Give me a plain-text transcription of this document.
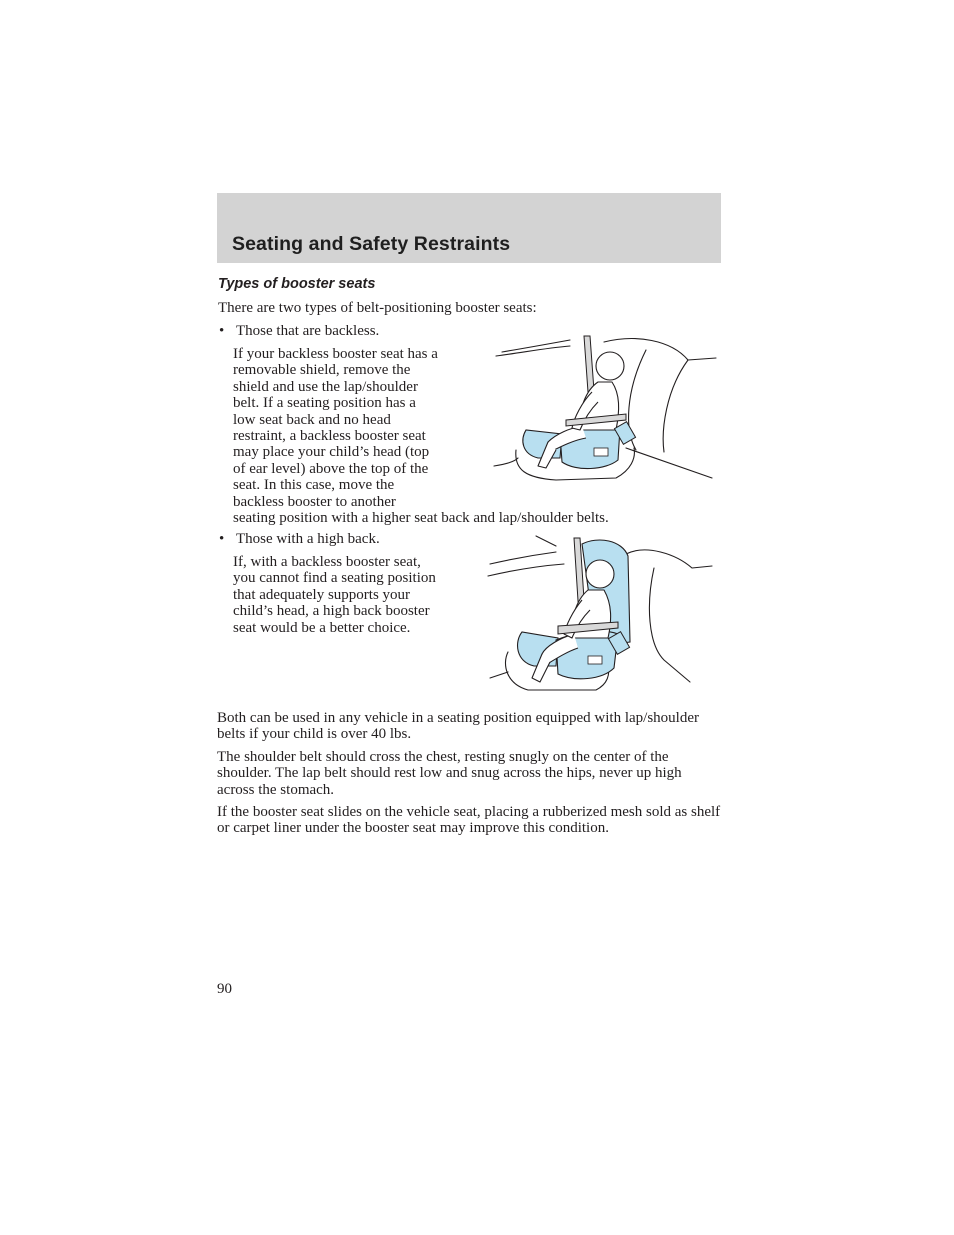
Seating and Safety Restraints
Types of booster seats

There are two types of belt-positioning booster seats:

• Those that are backless.
If your backless booster seat has a
removable shield, remove the
shield and use the lap/shoulder
belt. If a seating position has a
low seat back and no head
restraint, a backless booster seat
may place your child’s head (top
of ear level) above the top of the
seat. In this case, move the
backless booster to another
seating position with a higher seat back and lap/shoulder belts.
• Those with a high back.
If, with a backless booster seat,
you cannot find a seating position
that adequately supports your
child’s head, a high back booster
seat would be a better choice.

Both can be used in any vehicle in a seating position equipped with lap/shoulder belts if your child is over 40 lbs.

The shoulder belt should cross the chest, resting snugly on the center of the shoulder. The lap belt should rest low and snug across the hips, never up high across the stomach.

If the booster seat slides on the vehicle seat, placing a rubberized mesh sold as shelf or carpet liner under the booster seat may improve this condition.

90
